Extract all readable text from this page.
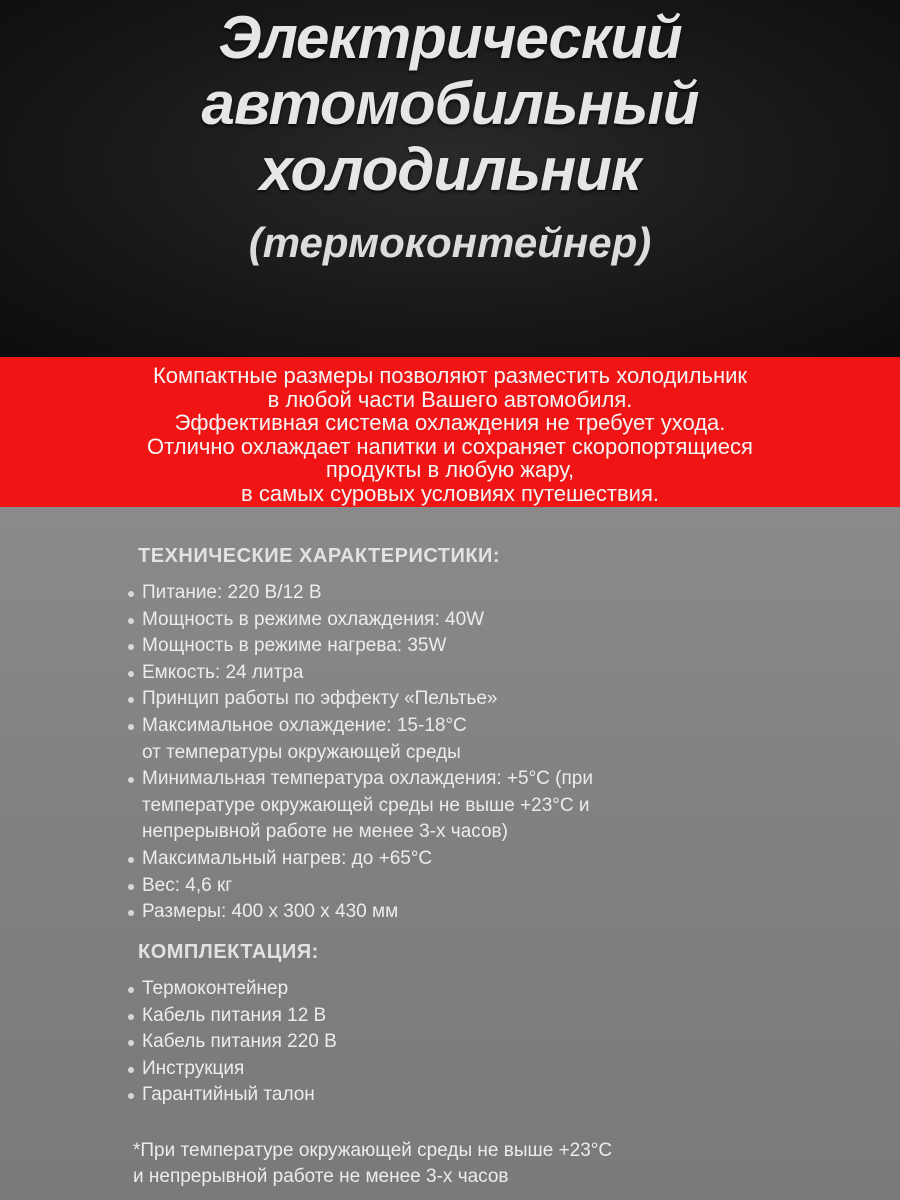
Электрический
автомобильный
холодильник
(термоконтейнер)
Компактные размеры позволяют разместить холодильник
в любой части Вашего автомобиля.
Эффективная система охлаждения не требует ухода.
Отлично охлаждает напитки и сохраняет скоропортящиеся
продукты в любую жару,
в самых суровых условиях путешествия.
ТЕХНИЧЕСКИЕ ХАРАКТЕРИСТИКИ:
Питание: 220 В/12 В
Мощность в режиме охлаждения: 40W
Мощность в режиме нагрева: 35W
Емкость: 24 литра
Принцип работы по эффекту «Пельтье»
Максимальное охлаждение: 15-18°С
от температуры окружающей среды
Минимальная температура охлаждения: +5°С (при
температуре окружающей среды не выше +23°С и
непрерывной работе не менее 3-х часов)
Максимальный нагрев: до +65°С
Вес: 4,6 кг
Размеры: 400 х 300 х 430 мм
КОМПЛЕКТАЦИЯ:
Термоконтейнер
Кабель питания 12 В
Кабель питания 220 В
Инструкция
Гарантийный талон
*При температуре окружающей среды не выше +23°С
и непрерывной работе не менее 3-х часов
